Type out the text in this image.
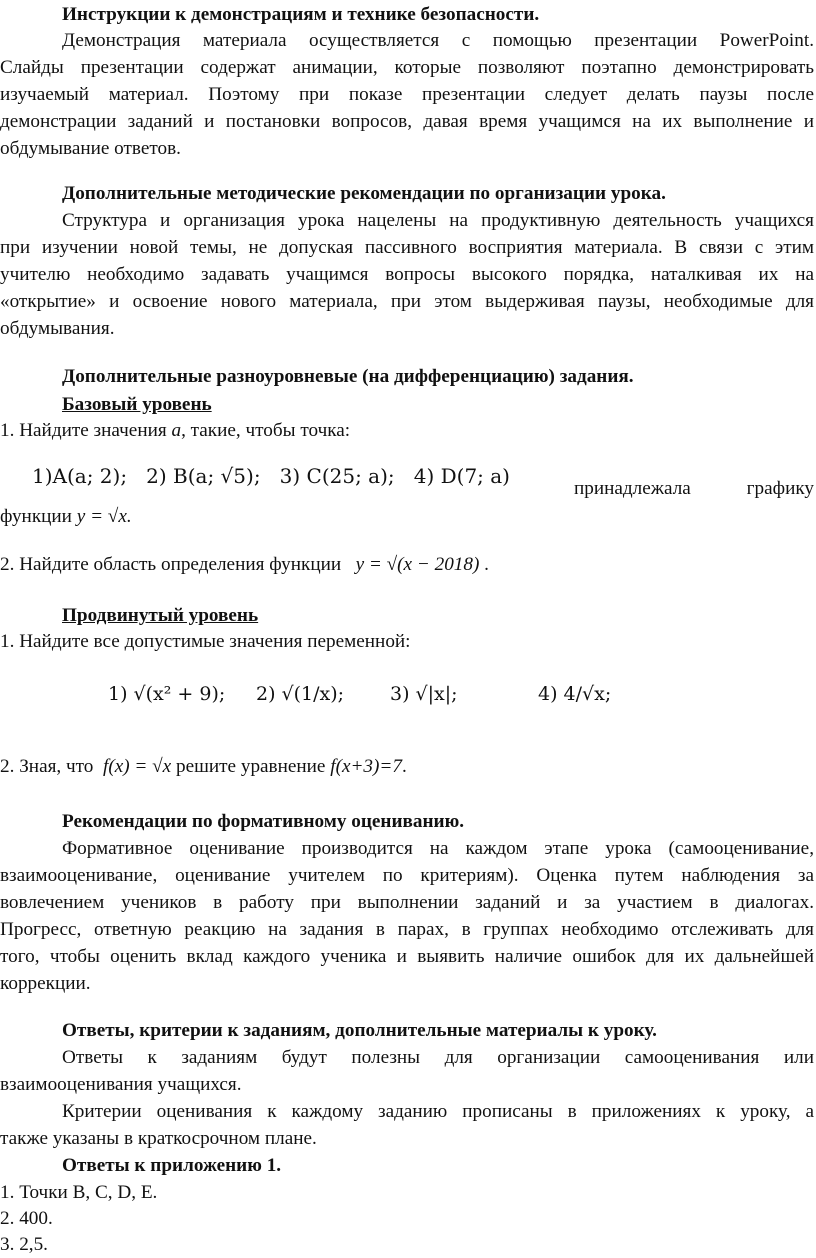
Инструкции к демонстрациям и технике безопасности.
Демонстрация материала осуществляется с помощью презентации PowerPoint.
Слайды презентации содержат анимации, которые позволяют поэтапно демонстрировать
изучаемый материал. Поэтому при показе презентации следует делать паузы после
демонстрации заданий и постановки вопросов, давая время учащимся на их выполнение и
обдумывание ответов.
Дополнительные методические рекомендации по организации урока.
Структура и организация урока нацелены на продуктивную деятельность учащихся
при изучении новой темы, не допуская пассивного восприятия материала. В связи с этим
учителю необходимо задавать учащимся вопросы высокого порядка, наталкивая их на
«открытие» и освоение нового материала, при этом выдерживая паузы, необходимые для
обдумывания.
Дополнительные разноуровневые (на дифференциацию) задания.
Базовый уровень
1. Найдите значения a, такие, чтобы точка:
1)A(a; 2); 2) B(a; √5); 3) C(25; a); 4) D(7; a)
принадлежала	графику
функции y = √x.
2. Найдите область определения функции y = √(x − 2018) .
Продвинутый уровень
1. Найдите все допустимые значения переменной:
1) √(x² + 9); 2) √(1/x); 3) √|x|;	4) 4/√x;
2. Зная, что f(x) = √x решите уравнение f(x+3)=7.
Рекомендации по формативному оцениванию.
Формативное оценивание производится на каждом этапе урока (самооценивание,
взаимооценивание, оценивание учителем по критериям). Оценка путем наблюдения за
вовлечением учеников в работу при выполнении заданий и за участием в диалогах.
Прогресс, ответную реакцию на задания в парах, в группах необходимо отслеживать для
того, чтобы оценить вклад каждого ученика и выявить наличие ошибок для их дальнейшей
коррекции.
Ответы, критерии к заданиям, дополнительные материалы к уроку.
Ответы к заданиям будут полезны для организации самооценивания или
взаимооценивания учащихся.
Критерии оценивания к каждому заданию прописаны в приложениях к уроку, а
также указаны в краткосрочном плане.
Ответы к приложению 1.
1. Точки B, C, D, E.
2. 400.
3. 2,5.
